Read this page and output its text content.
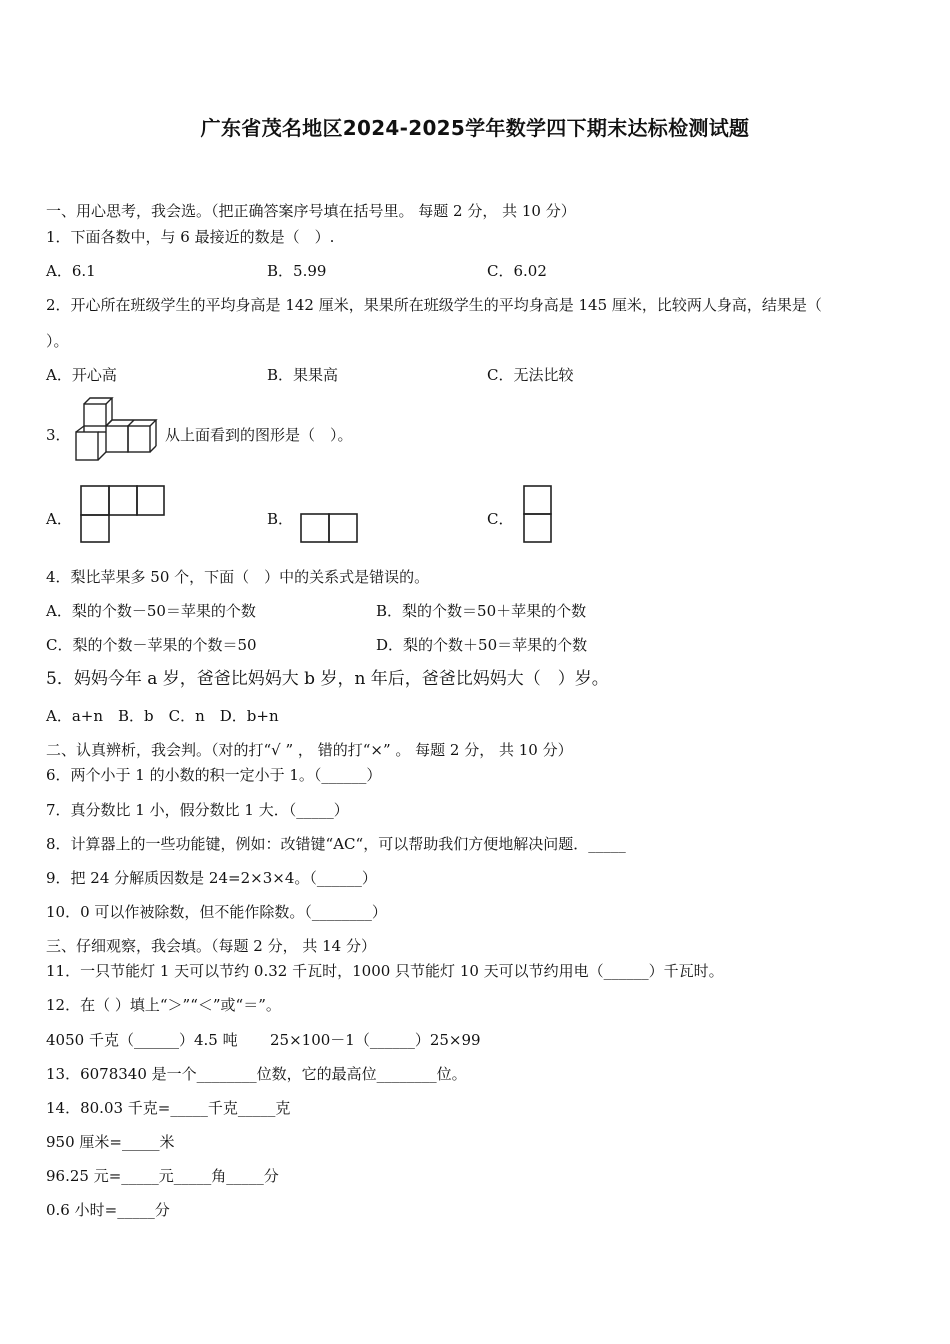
广东省茂名地区2024-2025学年数学四下期末达标检测试题
一、用心思考，我会选。（把正确答案序号填在括号里。 每题 2 分， 共 10 分）
1．下面各数中，与 6 最接近的数是（　）.
A．6.1	B．5.99	C．6.02
2．开心所在班级学生的平均身高是 142 厘米，果果所在班级学生的平均身高是 145 厘米，比较两人身高，结果是（
）。
A．开心高	B．果果高	C．无法比较
3．	从上面看到的图形是（　）。
A．	B．	C．
4．梨比苹果多 50 个，下面（　）中的关系式是错误的。
A．梨的个数－50＝苹果的个数	B．梨的个数＝50＋苹果的个数
C．梨的个数－苹果的个数＝50	D．梨的个数＋50＝苹果的个数
5．妈妈今年 a 岁，爸爸比妈妈大 b 岁，n 年后，爸爸比妈妈大（　）岁。
A．a+n　B．b　C．n　D．b+n
二、认真辨析，我会判。（对的打“√ ” ， 错的打“×” 。 每题 2 分， 共 10 分）
6．两个小于 1 的小数的积一定小于 1。（______）
7．真分数比 1 小，假分数比 1 大．（_____）
8．计算器上的一些功能键，例如：改错键“AC“，可以帮助我们方便地解决问题．_____
9．把 24 分解质因数是 24=2×3×4。（______）
10．0 可以作被除数，但不能作除数。（________）
三、仔细观察，我会填。（每题 2 分， 共 14 分）
11．一只节能灯 1 天可以节约 0.32 千瓦时，1000 只节能灯 10 天可以节约用电（______）千瓦时。
12．在（ ）填上“＞”“＜”或“＝”。
4050 千克（______）4.5 吨 25×100－1（______）25×99
13．6078340 是一个________位数，它的最高位________位。
14．80.03 千克=_____千克_____克
950 厘米=_____米
96.25 元=_____元_____角_____分
0.6 小时=_____分
